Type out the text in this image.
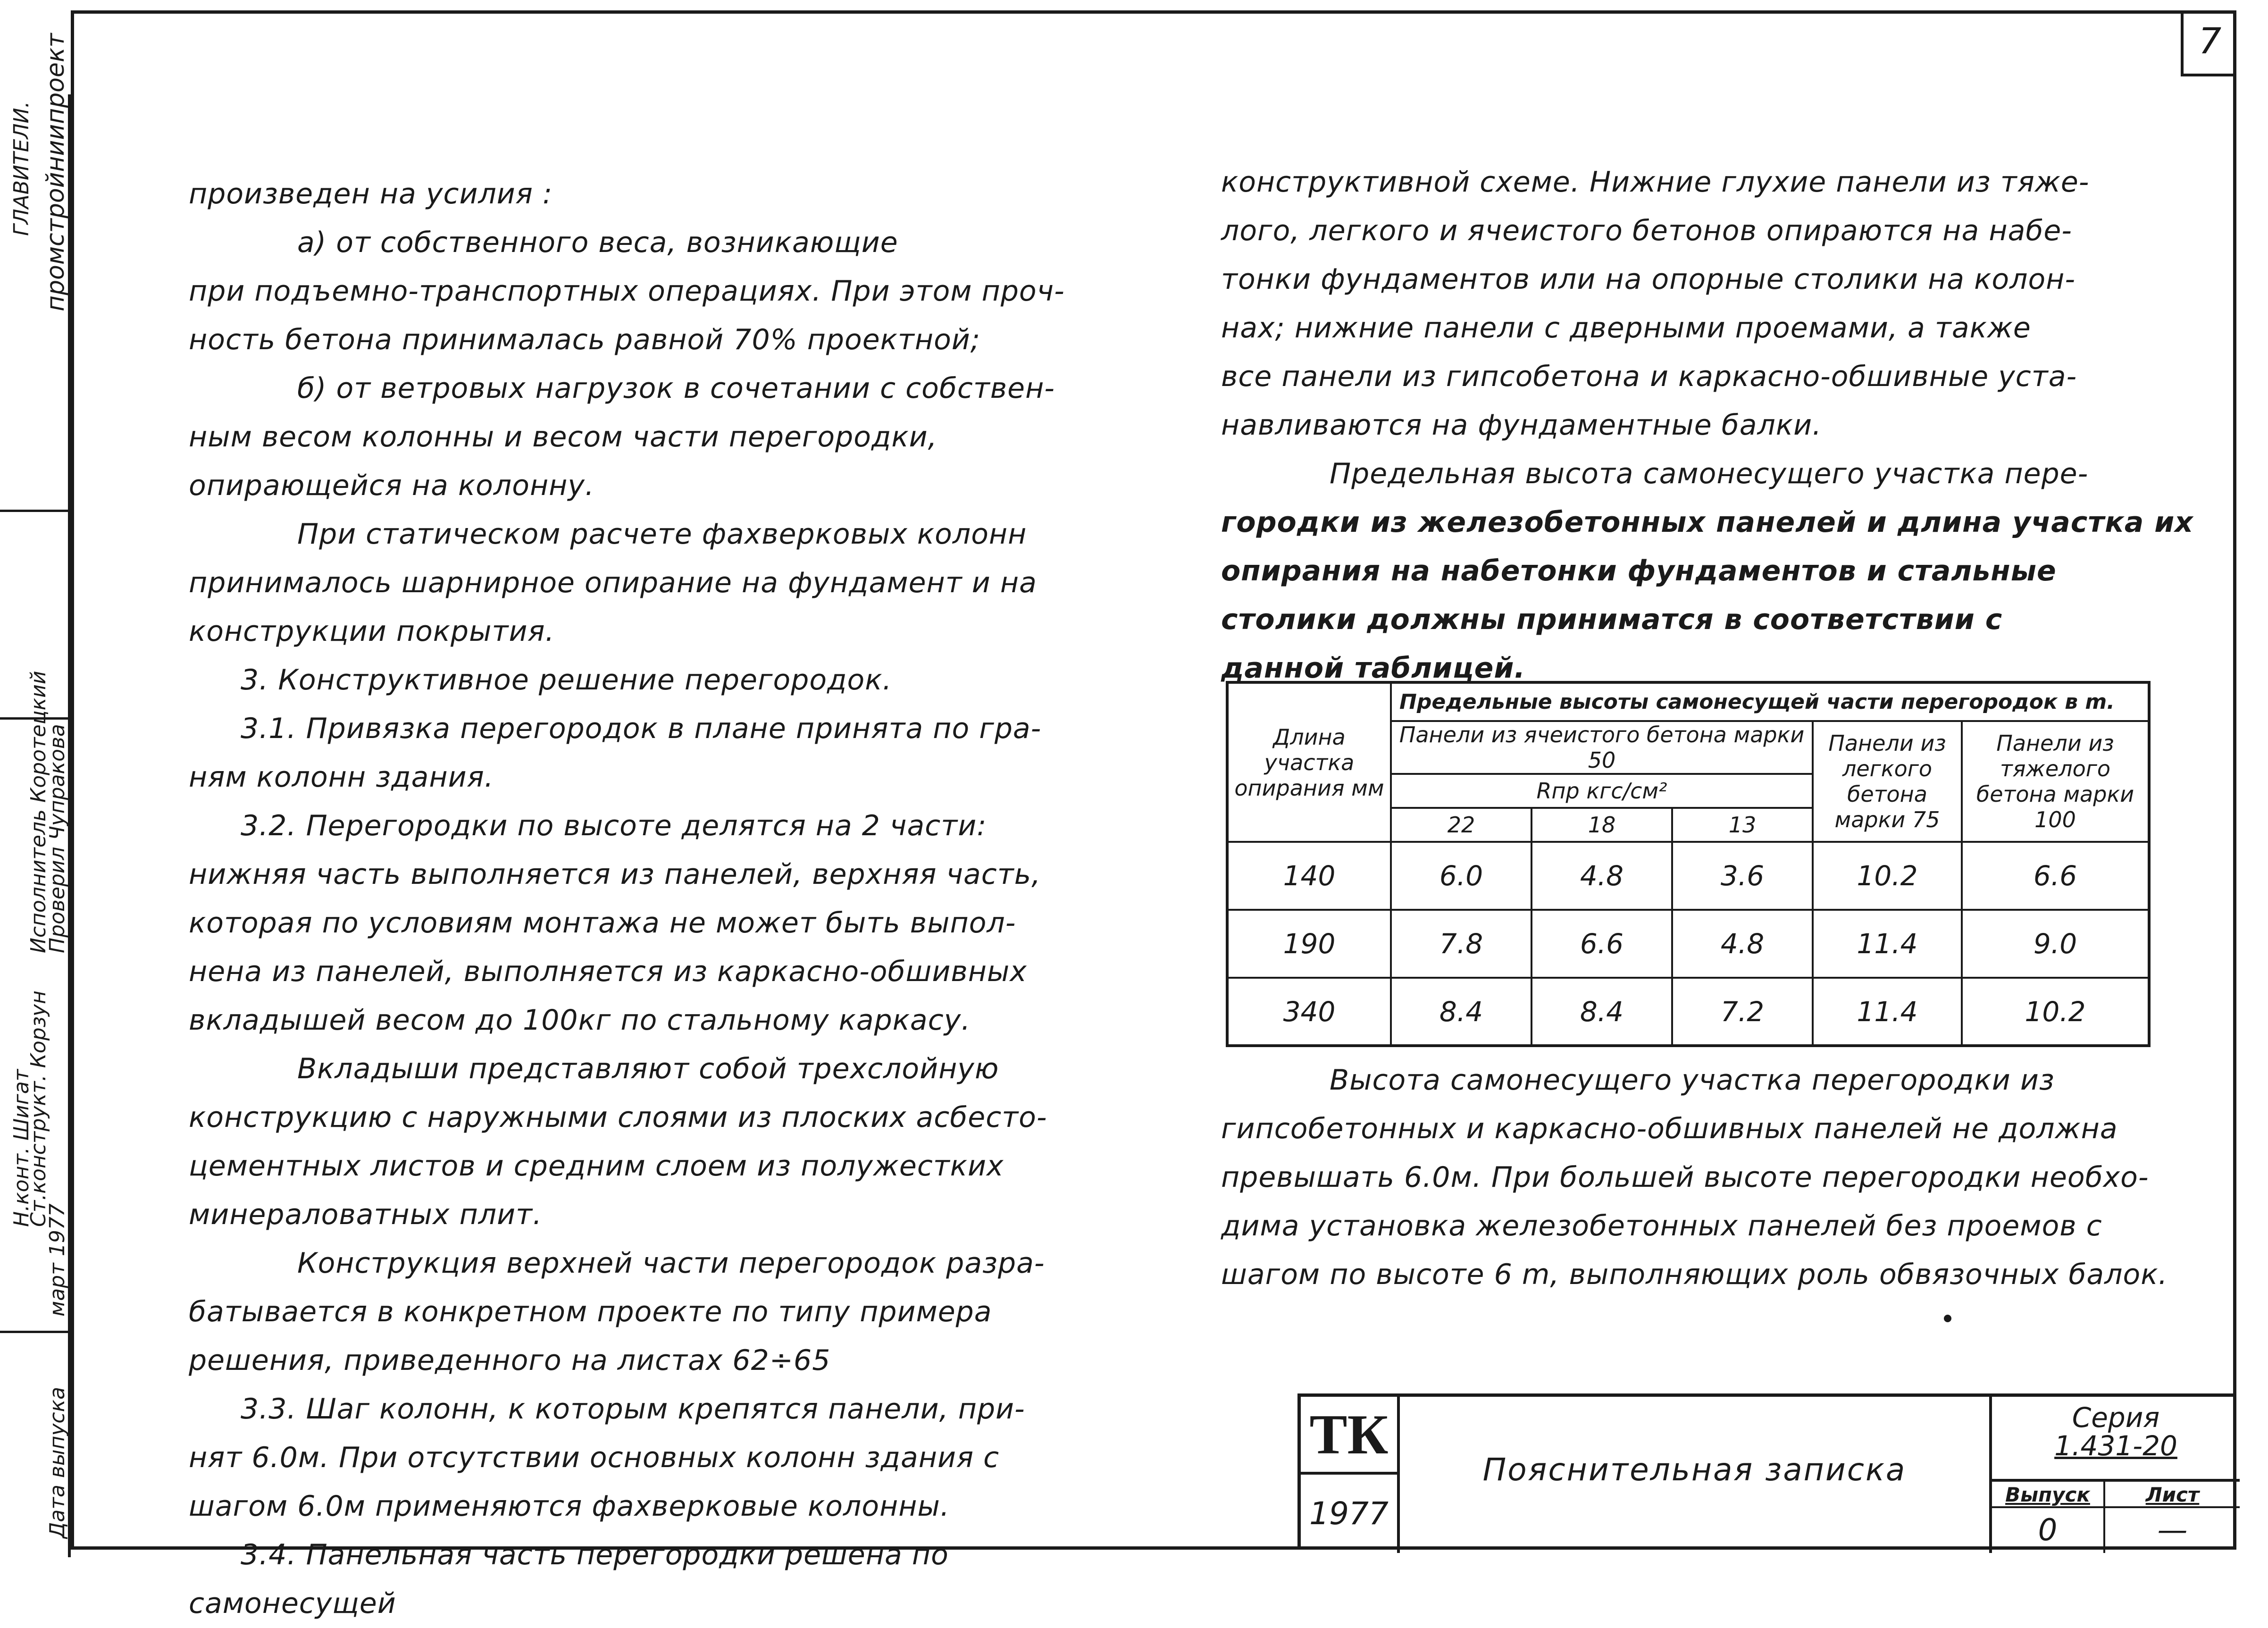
7
промстройниипроект
ГЛАВИТЕЛИ.
Н.конт. Шигат
Ст.конструкт. Корзун
Исполнитель Коротецкий
Проверил Чупракова
Дата выпуска
март 1977

произведен на усилия :

а) от собственного веса, возникающие

при подъемно-транспортных операциях. При этом проч-

ность бетона принималась равной 70% проектной;

б) от ветровых нагрузок в сочетании с собствен-

ным весом колонны и весом части перегородки,

опирающейся на колонну.

При статическом расчете фахверковых колонн

принималось шарнирное опирание на фундамент и на

конструкции покрытия.

3. Конструктивное решение перегородок.

3.1. Привязка перегородок в плане принята по гра-

ням колонн здания.

3.2. Перегородки по высоте делятся на 2 части:

нижняя часть выполняется из панелей, верхняя часть,

которая по условиям монтажа не может быть выпол-

нена из панелей, выполняется из каркасно-обшивных

вкладышей весом до 100кг по стальному каркасу.

Вкладыши представляют собой трехслойную

конструкцию с наружными слоями из плоских асбесто-

цементных листов и средним слоем из полужестких

минераловатных плит.

Конструкция верхней части перегородок разра-

батывается в конкретном проекте по типу примера

решения, приведенного на листах 62÷65

3.3. Шаг колонн, к которым крепятся панели, при-

нят 6.0м. При отсутствии основных колонн здания с

шагом 6.0м применяются фахверковые колонны.

3.4. Панельная часть перегородки решена по самонесущей

конструктивной схеме. Нижние глухие панели из тяже-

лого, легкого и ячеистого бетонов опираются на набе-

тонки фундаментов или на опорные столики на колон-

нах; нижние панели с дверными проемами, а также

все панели из гипсобетона и каркасно-обшивные уста-

навливаются на фундаментные балки.

Предельная высота самонесущего участка пере-

городки из железобетонных панелей и длина участка их

опирания на набетонки фундаментов и стальные

столики должны приниматся в соответствии с

данной таблицей.

Длина участка опирания мм	Предельные высоты самонесущей части перегородок в m.				
	Панели из ячеистого бетона марки 50			Панели из легкого бетона марки 75	Панели из тяжелого бетона марки 100
	Rпр кгс/см²				
	22	18	13		
140	6.0	4.8	3.6	10.2	6.6
190	7.8	6.6	4.8	11.4	9.0
340	8.4	8.4	7.2	11.4	10.2

Высота самонесущего участка перегородки из

гипсобетонных и каркасно-обшивных панелей не должна

превышать 6.0м. При большей высоте перегородки необхо-

дима установка железобетонных панелей без проемов с

шагом по высоте 6 m, выполняющих роль обвязочных балок.

ТК
1977
Пояснительная записка
Серия
1.431-20
Выпуск	Лист
0	—
